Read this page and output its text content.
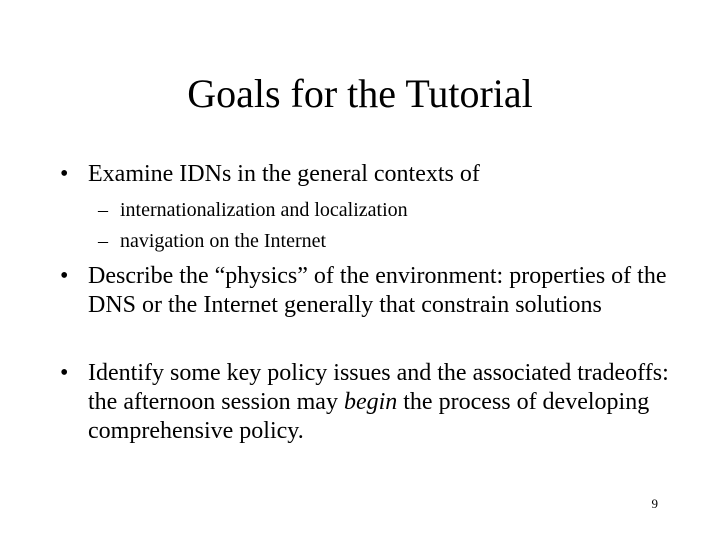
Goals for the Tutorial
• Examine IDNs in the general contexts of
– internationalization and localization
– navigation on the Internet
• Describe the “physics” of the environment: properties of the DNS or the Internet generally that constrain solutions
• Identify some key policy issues and the associated tradeoffs: the afternoon session may begin the process of developing comprehensive policy.
9
